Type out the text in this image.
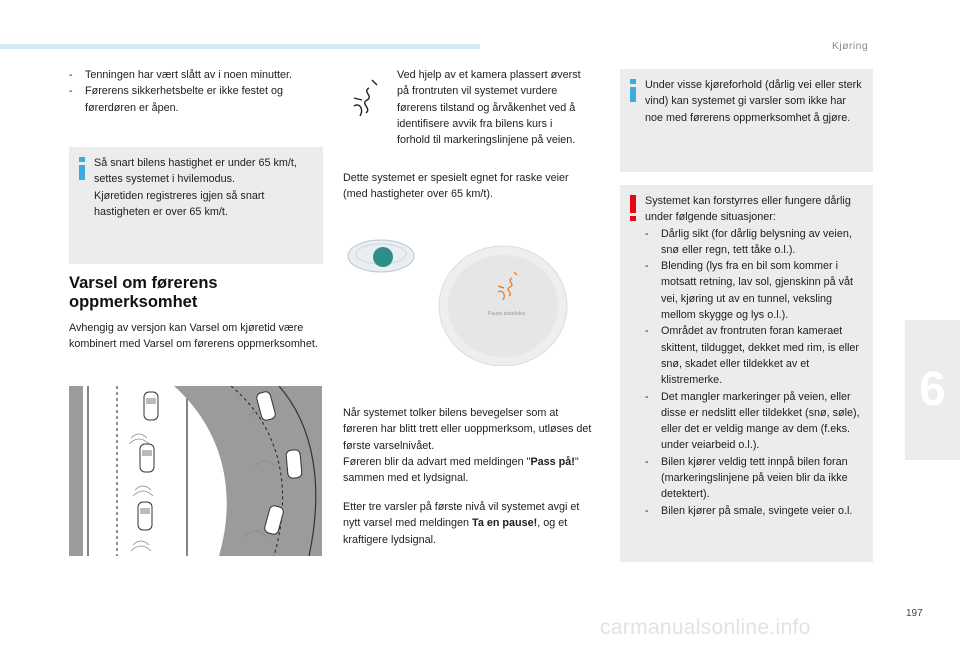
Kjøring
-	Tenningen har vært slått av i noen minutter.
-	Førerens sikkerhetsbelte er ikke festet og førerdøren er åpen.
Så snart bilens hastighet er under 65 km/t, settes systemet i hvilemodus.
Kjøretiden registreres igjen så snart hastigheten er over 65 km/t.
Varsel om førerens
oppmerksomhet
Avhengig av versjon kan Varsel om kjøretid være kombinert med Varsel om førerens oppmerksomhet.
Ved hjelp av et kamera plassert øverst på frontruten vil systemet vurdere førerens tilstand og årvåkenhet ved å identifisere avvik fra bilens kurs i forhold til markeringslinjene på veien.
Dette systemet er spesielt egnet for raske veier (med hastigheter over 65 km/t).
Pause anbefales
Når systemet tolker bilens bevegelser som at føreren har blitt trett eller uoppmerksom, utløses det første varselnivået.
Føreren blir da advart med meldingen "Pass på!" sammen med et lydsignal.
Etter tre varsler på første nivå vil systemet avgi et nytt varsel med meldingen Ta en pause!, og et kraftigere lydsignal.
Under visse kjøreforhold (dårlig vei eller sterk vind) kan systemet gi varsler som ikke har noe med førerens oppmerksomhet å gjøre.
Systemet kan forstyrres eller fungere dårlig under følgende situasjoner:
-	Dårlig sikt (for dårlig belysning av veien, snø eller regn, tett tåke o.l.).
-	Blending (lys fra en bil som kommer i motsatt retning, lav sol, gjenskinn på våt vei, kjøring ut av en tunnel, veksling mellom skygge og lys o.l.).
-	Området av frontruten foran kameraet skittent, tildugget, dekket med rim, is eller snø, skadet eller tildekket av et klistremerke.
-	Det mangler markeringer på veien, eller disse er nedslitt eller tildekket (snø, søle), eller det er veldig mange av dem (f.eks. under veiarbeid o.l.).
-	Bilen kjører veldig tett innpå bilen foran (markeringslinjene på veien blir da ikke detektert).
-	Bilen kjører på smale, svingete veier o.l.
6
197
carmanualsonline.info
